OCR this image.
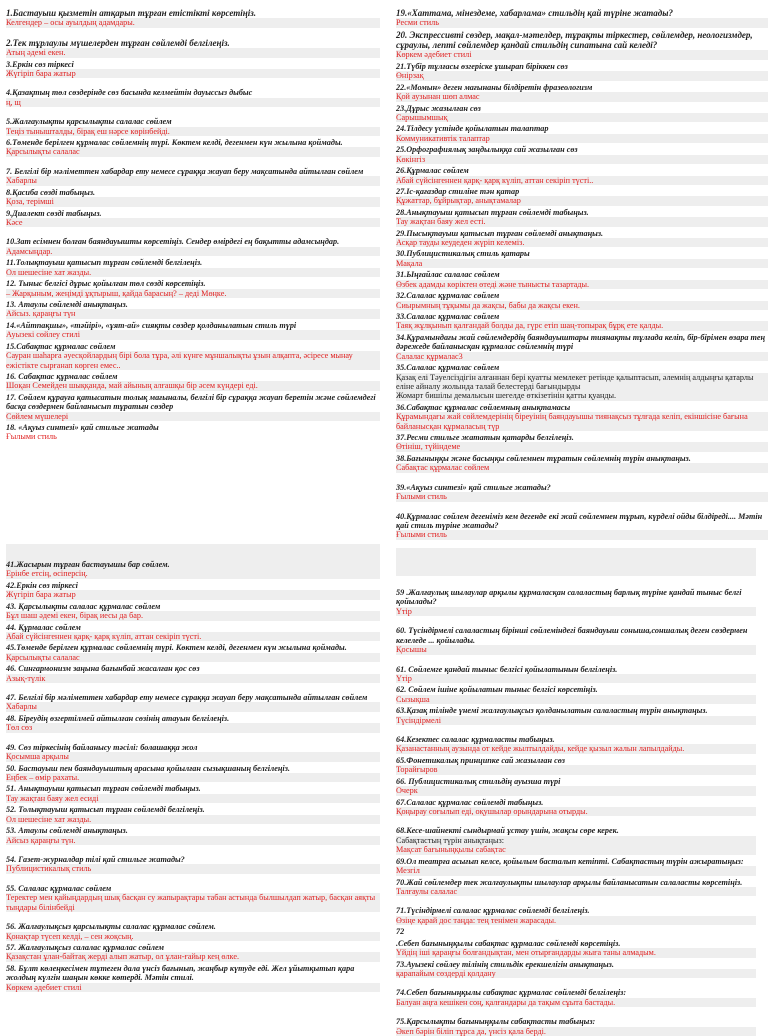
1.Бастауыш қызметін атқарып тұрған етістікті көрсетіңіз.
Келгендер – осы ауылдың адамдары.
2.Тек тұрлаулы мүшелерден тұрған сөйлемді белгілеңіз.
Атың әдемі екен.
3.Еркін сөз тіркесі
Жүгіріп бара жатыр
4.Қазақтың төл сөздерінде сөз басында келмейтін дауыссыз дыбыс
ң, щ
5.Жалғаулықты қарсылықты салалас сөйлем
Теңіз тынышталды, бірақ еш нәрсе көрінбейді.
6.Төменде берілген құрмалас сөйлемнің түрі. Көктем келді, дегенмен күн жылына қоймады.
Қарсылықты салалас
7. Белгілі бір мәліметтен хабардар ету немесе сұраққа жауап беру мақсатында айтылған сөйлем
Хабарлы
8.Қасиба сөзді табыңыз.
Қоза, терімші
9.Диалект сөзді табыңыз.
Кәсе
10.Зат есімнен болған баяндауышты көрсетіңіз. Сендер өмірдегі ең бақытты адамсыңдар.
Адамсыңдар.
11.Толықтауыш қатысып тұрған сөйлемді белгілеңіз.
Ол шешесіне хат жазды.
12. Тыныс белгісі дұрыс қойылған төл сөзді көрсетіңіз.
– Жарқыным, жеңімді ұқтырыш, қайда барасың? – деді Мөңке.
13. Атаулы сөйлемді анықтаңыз.
Айсыз. қараңғы түн
14.«Айтпақшы», «тәйірі», «ұят-ай» сияқты сөздер қолданылатын стиль түрі
Ауызекі сөйлеу стилі
15.Сабақтас құрмалас сөйлем
Сауран шаһарға әуесқойлардың бірі бола тұра, әлі күнге мұншалықты ұзын алқапта, әсіресе мынау ежістікте сырғанап көрген емес..
16. Сабақтас құрмалас сөйлем
Шоқан Семейден шыққанда, май айының алғашқы бір әсем күндері еді.
17. Сөйлем құрауға қатысатын толық мағыналы, белгілі бір сұраққа жауап беретін және сөйлемдегі басқа сөздермен байланысып тұратын сөздер
Сөйлем мүшелері
18. «Ақуыз синтезі» қай стильге жатады
Ғылыми стиль
19.«Хаттама, мінездеме, хабарлама» стильдің қай түріне жатады?
Ресми стиль
20. Экспрессивті сөздер, мақал-мәтелдер, тұрақты тіркестер, сөйлемдер, неологизмдер, сұраулы, лепті сөйлемдер қандай стильдің сипатына сай келеді?
Көркем әдебиет стилі
21.Түбір тұлғасы өзгеріске ұшырап біріккен сөз
Өнірзақ
22.«Момын» деген мағынаны білдіретін фразеологизм
Қой аузынан шөп алмас
23.Дұрыс жазылған сөз
Сарышымшық
24.Тілдесу үстінде қойылатын талаптар
Коммуникативтік талаптар
25.Орфографиялық заңдылыққа сай жазылған сөз
Көкінгіз
26.Құрмалас сөйлем
Абай сүйсінгеннен қарқ- қарқ күліп, аттан секіріп түсті..
27.Іс-қағаздар стиліне тән қатар
Құжаттар, бұйрықтар, анықтамалар
28.Анықтауыш қатысып тұрған сөйлемді табыңыз.
Тау жақтан баяу жел есті.
29.Пысықтауыш қатысып тұрған сөйлемді анықтаңыз.
Асқар тауды кеудеден жүріп келеміз.
30.Публицистикалық стиль қатары
Мақала
31.Ыңғайлас салалас сөйлем
Өзбек адамды көріктен өтеді және тынысты тазартады.
32.Салалас құрмалас сөйлем
Сиырымның тұқымы да жақсы, бабы да жақсы екен.
33.Салалас құрмалас сөйлем
Таяқ жұлқынып қалғандай болды да, гүрс етіп шаң-топырақ бұрқ ете қалды.
34.Құрамындағы жай сөйлемдердің баяндауыштары тиянақты тұлғада келіп, бір-бірімен өзара тең дәрежеде байланысқан құрмалас сөйлемнің түрі
Салалас құрмалас3
35.Салалас құрмалас сөйлем
Қазақ елі Тәуелсіздігін алғаннан бері қуатты мемлекет ретінде қалыптасып, әлемнің алдыңғы қатарлы еліне айналу жолында талай белестерді бағындырды
Жомарт бишілы демалысын шегелде өткізетінін қатты қуанды.
36.Сабақтас құрмалас сөйлемның анықтамасы
Құрамындағы жай сөйлемдерінің біреуінің баяндауышы тиянақсыз тұлғада келіп, екіншісіне бағына байланысқан құрмаласың түр
37.Ресми стильге жататын қатарды белгілеңіз.
Өтініш, түйіндеме
38.Бағыныңқы және басыңқы сөйлемнен тұратын сөйлемнің түрін анықтаңыз.
Сабақтас құрмалас сөйлем
39.«Ақуыз синтезі» қай стильге жатады?
Ғылыми стиль
40.Құрмалас сөйлем дегеніміз кем дегенде екі жай сөйлемнен тұрып, күрделі ойды білдіреді.... Мәтін қай стиль түріне жатады?
Ғылыми стиль
41.Жасырын тұрған бастауышы бар сөйлем.
Ерінбе етсің, өсіперсің.
42.Еркін сөз тіркесі
Жүгіріп бара жатыр
43. Қарсылықты салалас құрмалас сөйлем
Бұл шаш әдемі екен, бірақ иесы да бар.
44. Құрмалас сөйлем
Абай сүйсінгеннен қарқ- қарқ күліп, аттан секіріп түсті.
45.Төменде берілген құрмалас сөйлемнің түрі. Көктем келді, дегенмен күн жылына қоймады.
Қарсылықты салалас
46. Сингармонизм заңына бағынбай жасалған қос сөз
Азық-түлік
47. Белгілі бір мәліметтен хабардар ету немесе сұраққа жауап беру мақсатында айтылған сөйлем
Хабарлы
48. Біреудің өзгертілмей айтылған сөзінің атауын белгілеңіз.
Төл сөз
49. Сөз тіркесінің байланысу тәсілі: болашаққа жол
Қосымша арқылы
50. Бастауыш пен баяндауыштың арасына қойылған сызықшаның белгілеңіз.
Еңбек – өмір рахаты.
51. Анықтауыш қатысып тұрған сөйлемді табыңыз.
Тау жақтан баяу жел есиді
52. Толықтауыш қатысып тұрған сөйлемді белгілеңіз.
Ол шешесіне хат жазды.
53. Атаулы сөйлемді анықтаңыз.
Айсыз қараңғы түн.
54. Газет-журналдар тілі қай стильге жатады?
Публицистикалық стиль
55. Салалас құрмалас сөйлем
Теректер мен қайыңдардың шық басқан су жапырақтары табан астында былшылдап жатыр, басқан аяқты тыңдары білінбейді
56. Жалғаулықсыз қарсылықты салалас құрмалас сөйлем.
Қонақтар түсеп келді, – сен жоқсың.
57. Жалғаулықсыз салалас құрмалас сөйлем
Қазақстан ұлан-байтақ жерді алып жатыр, ол ұлан-ғайыр кең өлке.
58. Бұлт көлеңкесімен тұтеген дала үнсіз бағынып, жаңбыр күтуде еді. Жел ұйытқытып қара жолдың күлгін шаңын көкке көтерді. Мәтін стилі.
Көркем әдебиет стилі
59 .Жалғаулық шылаулар арқылы құрмаласқан салаластың барлық түріне қандай тыныс белгі қойылады?
Үтір
60. Түсіндірмелі салаластың бірінші сөйлеміндегі баяндауыш соныша,соншалық деген сөздермен келеледе ... қойылады.
Қосышы
61. Сөйлемге қандай тыныс белгісі қойылатынын белгілеңіз.
Үтір
62. Сөйлем ішіне қойылатын тыныс белгісі көрсетіңіз.
Сызықша
63.Қазақ тілінде үнемі жалғаулықсыз қолданылатын салаластың түрін анықтаңыз.
Түсіндірмелі
64.Кезектес салалас құрмаласты табыңыз.
Қазанастанның аузында от кейде жылтылдайды, кейде қызыл жалын лапылдайды.
65.Фонетикалық принципке сай жазылған сөз
Торайғыров
66. Публицистикалық стильдің ауызша түрі
Очерк
67.Салалас құрмалас сөйлемді табыңыз.
Қоңырау соғылып еді, оқушылар орындарына отырды.
68.Кесе-шайнекті сындырмай ұстау үшін, жақсы сөре керек.
Сабақтастың түрін анықтаңыз:
Мақсат бағыныңқылы сабақтас
69.Ол театрға асығып келсе, қойылым басталып кетіпті. Сабақтастың түрін ажыратыңыз:
Мезгіл
70.Жай сөйлемдер тек жалғаулықты шылаулар арқылы байланысатын салаласты көрсетіңіз.
Талғаулы салалас
71.Түсіндірмелі салалас құрмалас сөйлемді белгілеңіз.
Өзіңе қарай дос таңда: тең тенімен жарасады.
72
.Себеп бағыныңқылы сабақтас құрмалас сөйлемді көрсетіңіз.
Үйдің іші қараңғы болғандықтан, мен отырғандарды жыға таны алмадым.
73.Ауызекі сөйлеу тілінің стильдік ерекшелігін анықтаңыз.
қарапайым сөздерді қолдану
74.Себеп бағыныңқылы сабақтас құрмалас сөйлемді белгілеңіз:
Балуан аңға кешікен соң, қалғандары да тақым сұыта бастады.
75.Қарсылықты бағыныңқылы сабақтасты табыңыз:
Әкеп бәрін біліп тұрса да, үнсіз қала берді.
